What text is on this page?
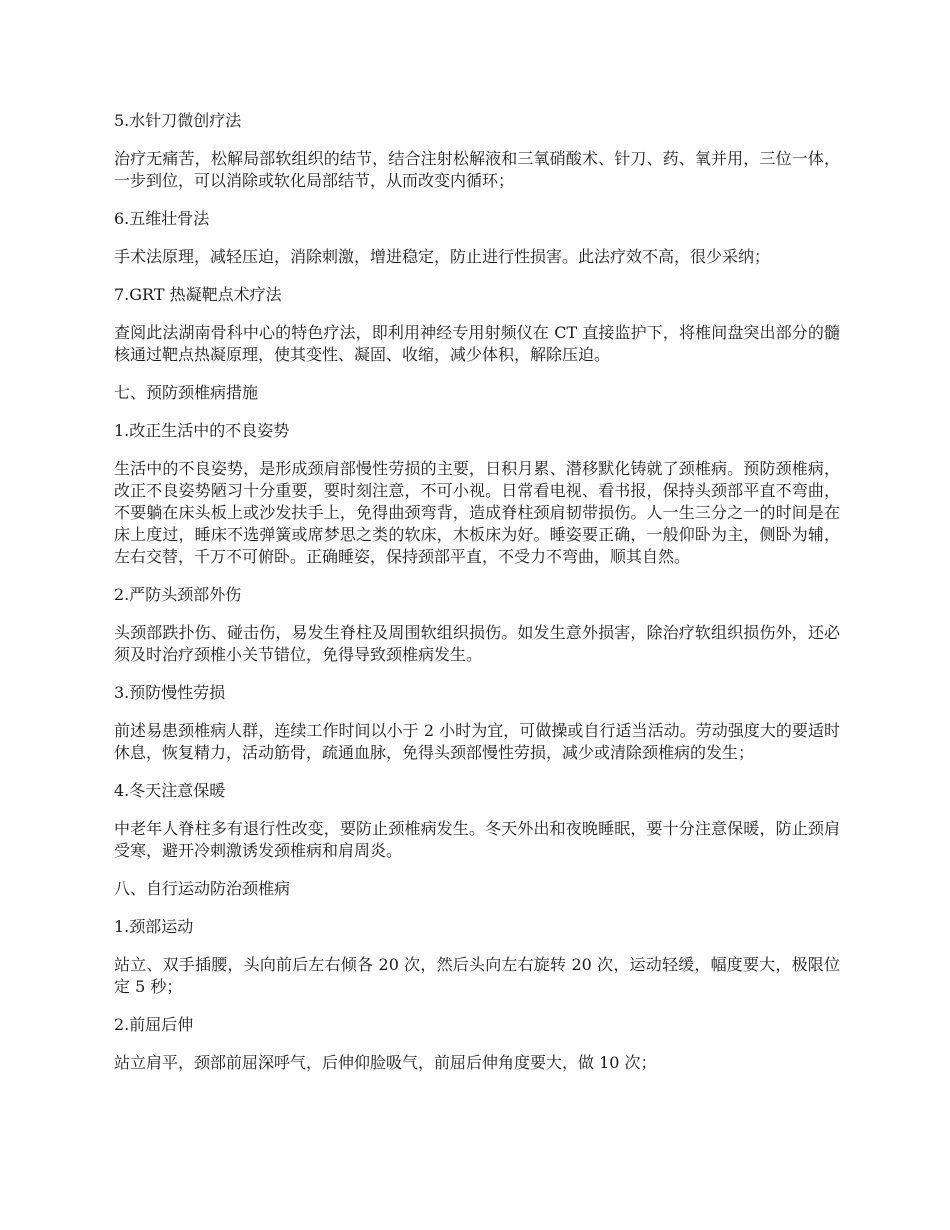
5.水针刀微创疗法

治疗无痛苦，松解局部软组织的结节，结合注射松解液和三氧硝酸术、针刀、药、氧并用，三位一体，一步到位，可以消除或软化局部结节，从而改变内循环；

6.五维壮骨法

手术法原理，减轻压迫，消除刺激，增进稳定，防止进行性损害。此法疗效不高，很少采纳；

7.GRT 热凝靶点术疗法

查阅此法湖南骨科中心的特色疗法，即利用神经专用射频仪在 CT 直接监护下，将椎间盘突出部分的髓核通过靶点热凝原理，使其变性、凝固、收缩，减少体积，解除压迫。

七、预防颈椎病措施

1.改正生活中的不良姿势

生活中的不良姿势，是形成颈肩部慢性劳损的主要，日积月累、潜移默化铸就了颈椎病。预防颈椎病，改正不良姿势陋习十分重要，要时刻注意，不可小视。日常看电视、看书报，保持头颈部平直不弯曲，不要躺在床头板上或沙发扶手上，免得曲颈弯背，造成脊柱颈肩韧带损伤。人一生三分之一的时间是在床上度过，睡床不选弹簧或席梦思之类的软床，木板床为好。睡姿要正确，一般仰卧为主，侧卧为辅，左右交替，千万不可俯卧。正确睡姿，保持颈部平直，不受力不弯曲，顺其自然。

2.严防头颈部外伤

头颈部跌扑伤、碰击伤，易发生脊柱及周围软组织损伤。如发生意外损害，除治疗软组织损伤外，还必须及时治疗颈椎小关节错位，免得导致颈椎病发生。

3.预防慢性劳损

前述易患颈椎病人群，连续工作时间以小于 2 小时为宜，可做操或自行适当活动。劳动强度大的要适时休息，恢复精力，活动筋骨，疏通血脉，免得头颈部慢性劳损，减少或清除颈椎病的发生；

4.冬天注意保暖

中老年人脊柱多有退行性改变，要防止颈椎病发生。冬天外出和夜晚睡眠，要十分注意保暖，防止颈肩受寒，避开冷刺激诱发颈椎病和肩周炎。

八、自行运动防治颈椎病

1.颈部运动

站立、双手插腰，头向前后左右倾各 20 次，然后头向左右旋转 20 次，运动轻缓，幅度要大，极限位定 5 秒；

2.前屈后伸

站立肩平，颈部前屈深呼气，后伸仰脸吸气，前屈后伸角度要大，做 10 次；
